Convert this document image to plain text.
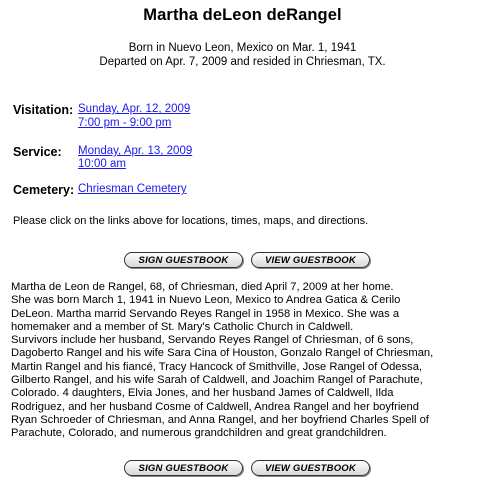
Martha deLeon deRangel
Born in Nuevo Leon, Mexico on Mar. 1, 1941
Departed on Apr. 7, 2009 and resided in Chriesman, TX.
Visitation: Sunday, Apr. 12, 2009
7:00 pm - 9:00 pm
Service: Monday, Apr. 13, 2009
10:00 am
Cemetery: Chriesman Cemetery
Please click on the links above for locations, times, maps, and directions.
SIGN GUESTBOOK	VIEW GUESTBOOK
Martha de Leon de Rangel, 68, of Chriesman, died April 7, 2009 at her home.
She was born March 1, 1941 in Nuevo Leon, Mexico to Andrea Gatica & Cerilo
DeLeon. Martha marrid Servando Reyes Rangel in 1958 in Mexico. She was a
homemaker and a member of St. Mary's Catholic Church in Caldwell.
Survivors include her husband, Servando Reyes Rangel of Chriesman, of 6 sons,
Dagoberto Rangel and his wife Sara Cina of Houston, Gonzalo Rangel of Chriesman,
Martin Rangel and his fiancé, Tracy Hancock of Smithville, Jose Rangel of Odessa,
Gilberto Rangel, and his wife Sarah of Caldwell, and Joachim Rangel of Parachute,
Colorado. 4 daughters, Elvia Jones, and her husband James of Caldwell, Ilda
Rodriguez, and her husband Cosme of Caldwell, Andrea Rangel and her boyfriend
Ryan Schroeder of Chriesman, and Anna Rangel, and her boyfriend Charles Spell of
Parachute, Colorado, and numerous grandchildren and great grandchildren.
SIGN GUESTBOOK	VIEW GUESTBOOK
